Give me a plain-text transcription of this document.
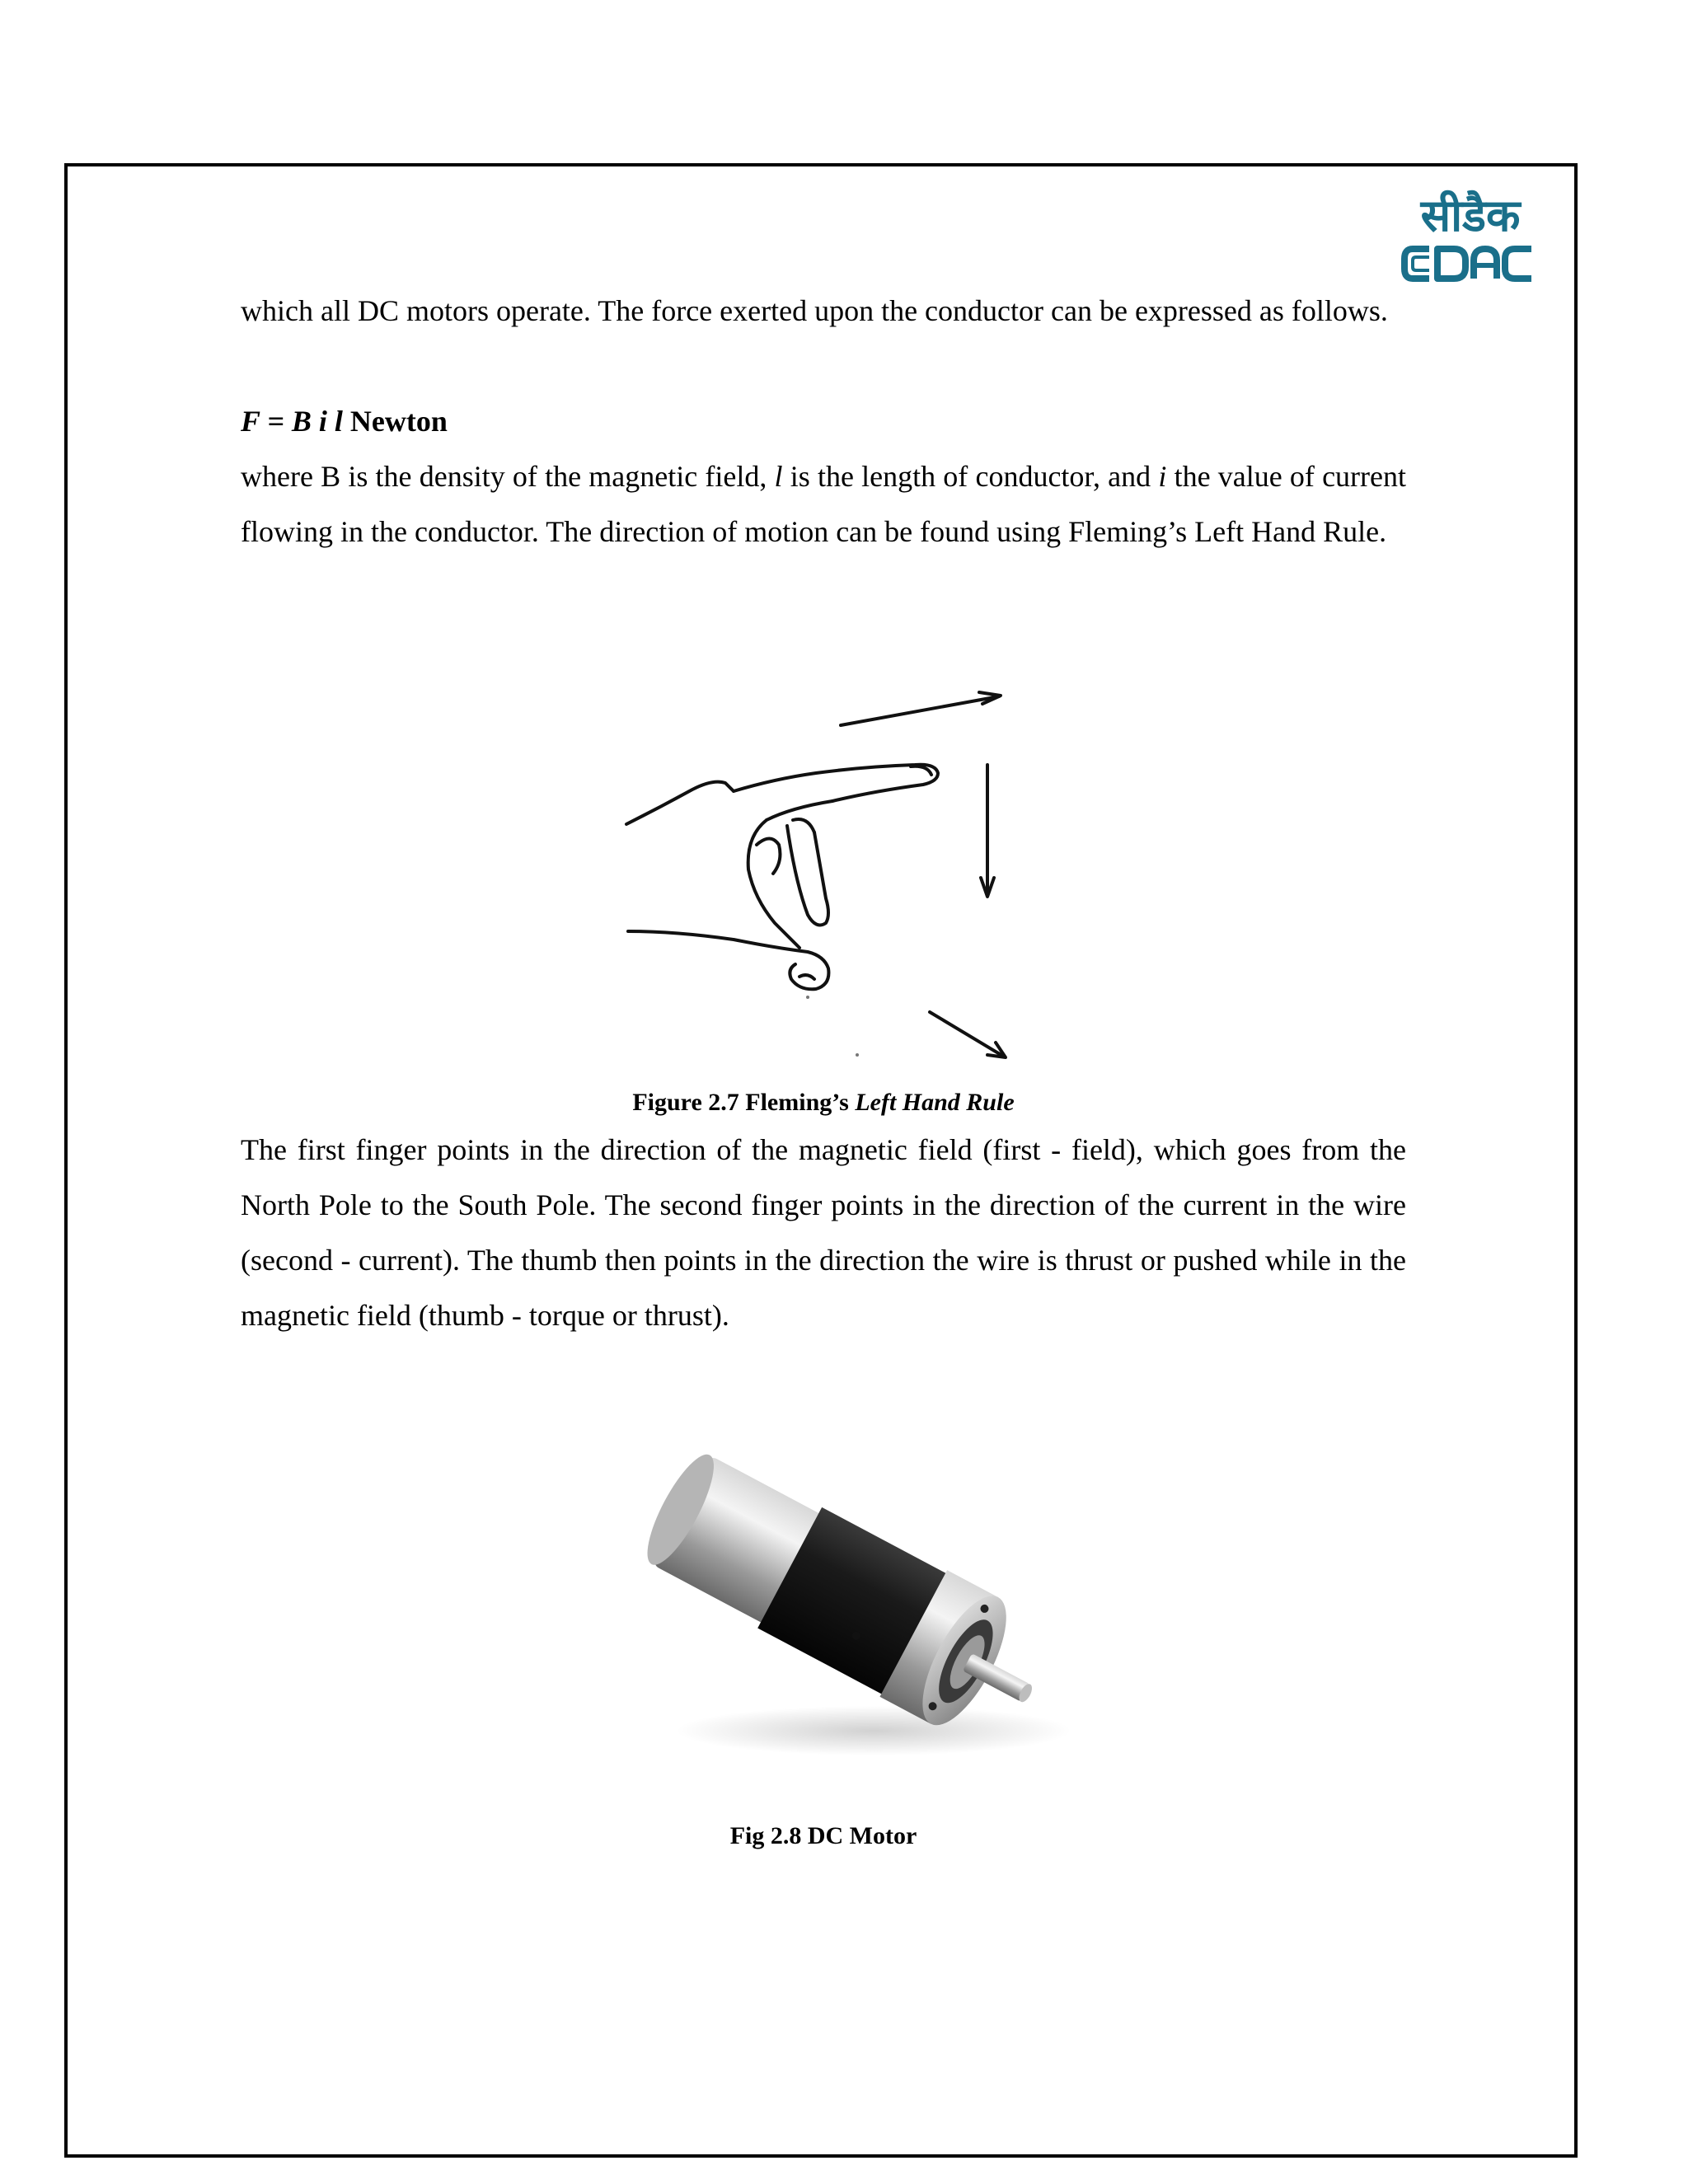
सीडैक
which all DC motors operate. The force exerted upon the conductor can be expressed as follows.
F = B i l Newton
where B is the density of the magnetic field, l is the length of conductor, and i the value of current flowing in the conductor. The direction of motion can be found using Fleming’s Left Hand Rule.
Figure 2.7 Fleming’s Left Hand Rule
The first finger points in the direction of the magnetic field (first - field), which goes from the North Pole to the South Pole. The second finger points in the direction of the current in the wire (second - current). The thumb then points in the direction the wire is thrust or pushed while in the magnetic field (thumb - torque or thrust).
Fig 2.8 DC Motor
